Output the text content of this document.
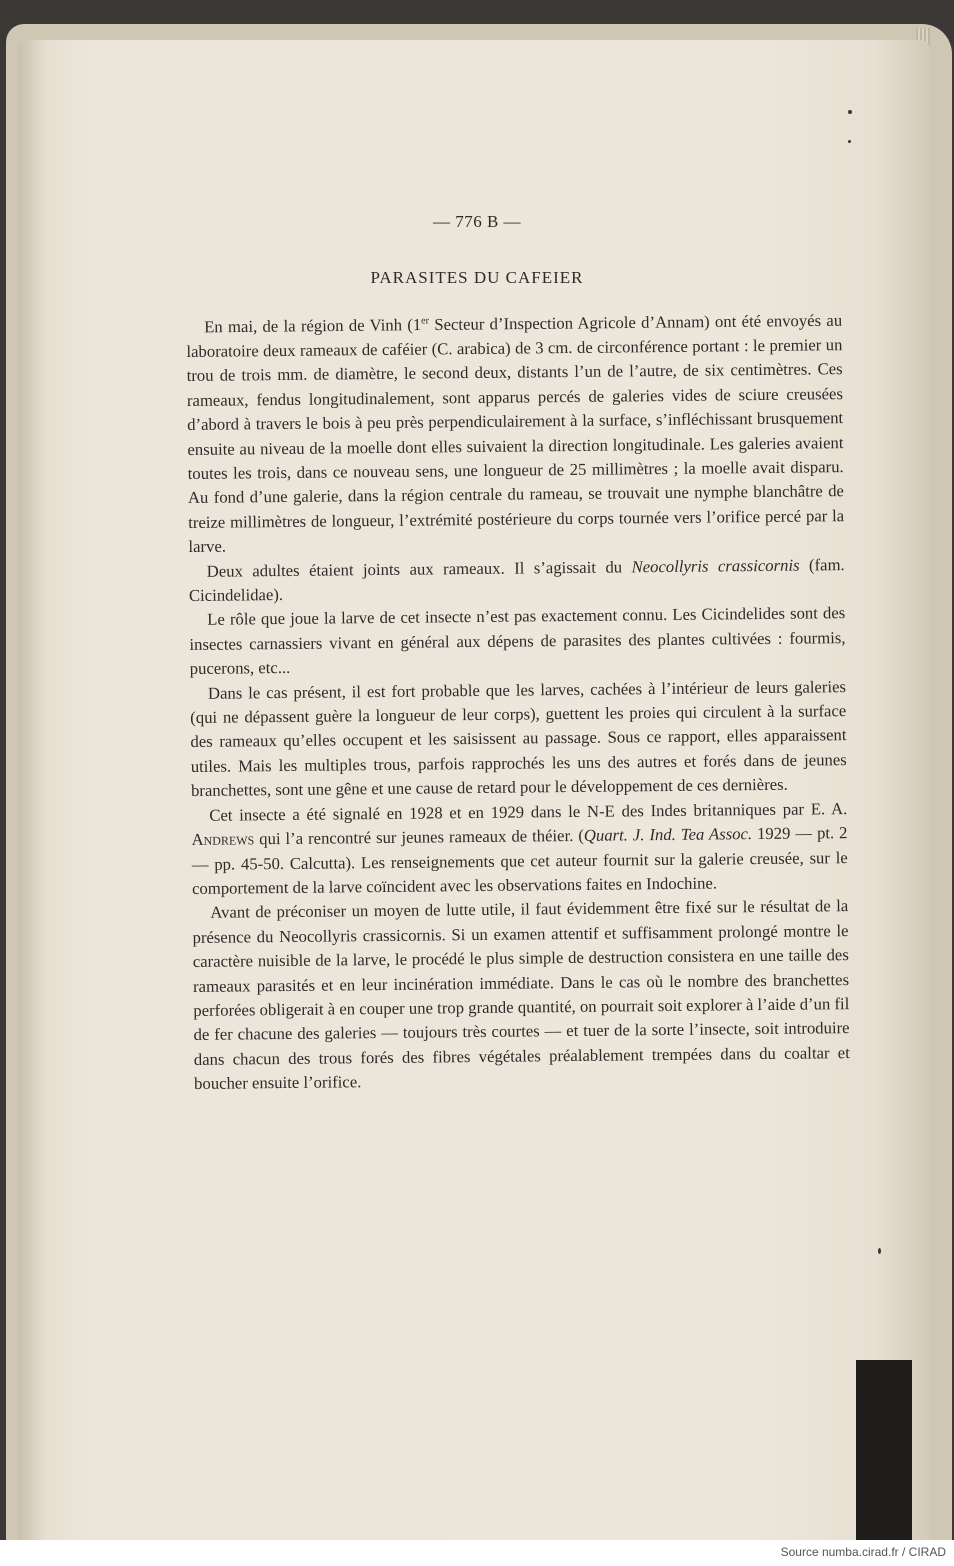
— 776 B —
PARASITES DU CAFEIER

En mai, de la région de Vinh (1er Secteur d’Inspection Agricole d’Annam) ont été envoyés au laboratoire deux rameaux de caféier (C. arabica) de 3 cm. de circonférence portant : le premier un trou de trois mm. de diamètre, le second deux, distants l’un de l’autre, de six centimètres. Ces rameaux, fendus longitudinalement, sont apparus percés de galeries vides de sciure creusées d’abord à travers le bois à peu près perpendiculairement à la surface, s’infléchissant brusquement ensuite au niveau de la moelle dont elles suivaient la direction longitudinale. Les galeries avaient toutes les trois, dans ce nouveau sens, une longueur de 25 millimètres ; la moelle avait disparu. Au fond d’une galerie, dans la région centrale du rameau, se trouvait une nymphe blanchâtre de treize millimètres de longueur, l’extrémité postérieure du corps tournée vers l’orifice percé par la larve.

Deux adultes étaient joints aux rameaux. Il s’agissait du Neocollyris crassicornis (fam. Cicindelidae).

Le rôle que joue la larve de cet insecte n’est pas exactement connu. Les Cicindelides sont des insectes carnassiers vivant en général aux dépens de parasites des plantes cultivées : fourmis, pucerons, etc...

Dans le cas présent, il est fort probable que les larves, cachées à l’intérieur de leurs galeries (qui ne dépassent guère la longueur de leur corps), guettent les proies qui circulent à la surface des rameaux qu’elles occupent et les saisissent au passage. Sous ce rapport, elles apparaissent utiles. Mais les multiples trous, parfois rapprochés les uns des autres et forés dans de jeunes branchettes, sont une gêne et une cause de retard pour le développement de ces dernières.

Cet insecte a été signalé en 1928 et en 1929 dans le N-E des Indes britanniques par E. A. Andrews qui l’a rencontré sur jeunes rameaux de théier. (Quart. J. Ind. Tea Assoc. 1929 — pt. 2 — pp. 45-50. Calcutta). Les renseignements que cet auteur fournit sur la galerie creusée, sur le comportement de la larve coïncident avec les observations faites en Indochine.

Avant de préconiser un moyen de lutte utile, il faut évidemment être fixé sur le résultat de la présence du Neocollyris crassicornis. Si un examen attentif et suffisamment prolongé montre le caractère nuisible de la larve, le procédé le plus simple de destruction consistera en une taille des rameaux parasités et en leur incinération immédiate. Dans le cas où le nombre des branchettes perforées obligerait à en couper une trop grande quantité, on pourrait soit explorer à l’aide d’un fil de fer chacune des galeries — toujours très courtes — et tuer de la sorte l’insecte, soit introduire dans chacun des trous forés des fibres végétales préalablement trempées dans du coaltar et boucher ensuite l’orifice.

Source numba.cirad.fr / CIRAD
